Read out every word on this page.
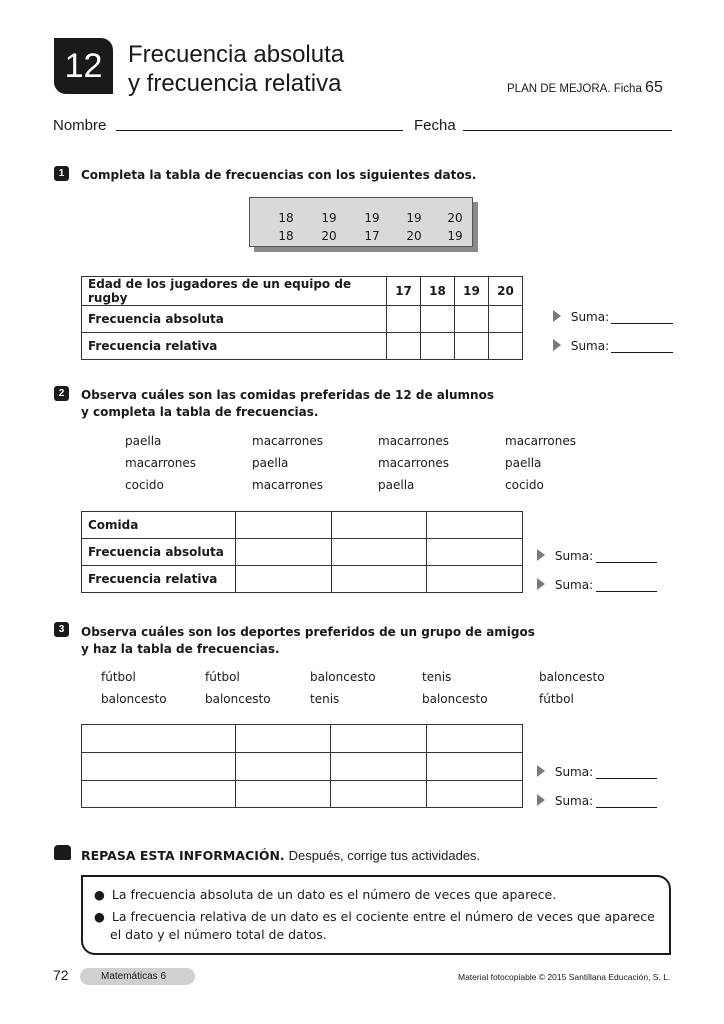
12	Frecuencia absoluta
y frecuencia relativa	PLAN DE MEJORA. Ficha 65
Nombre	Fecha
1	Completa la tabla de frecuencias con los siguientes datos.
18	19	19	19	20
18	20	17	20	19
Edad de los jugadores de un equipo de rugby	17	18	19	20
Frecuencia absoluta				
Frecuencia relativa				
Suma:
Suma:
2	Observa cuáles son las comidas preferidas de 12 de alumnos
y completa la tabla de frecuencias.
paella	macarrones	macarrones	macarrones
macarrones	paella	macarrones	paella
cocido	macarrones	paella	cocido
Comida			
Frecuencia absoluta			
Frecuencia relativa			
Suma:
Suma:
3	Observa cuáles son los deportes preferidos de un grupo de amigos
y haz la tabla de frecuencias.
fútbol	fútbol	baloncesto	tenis	baloncesto
baloncesto	baloncesto	tenis	baloncesto	fútbol

Suma:
Suma:
REPASA ESTA INFORMACIÓN. Después, corrige tus actividades.
● La frecuencia absoluta de un dato es el número de veces que aparece.
● La frecuencia relativa de un dato es el cociente entre el número de veces que aparece
el dato y el número total de datos.
72	Matemáticas 6	Material fotocopiable © 2015 Santillana Educación, S. L.
